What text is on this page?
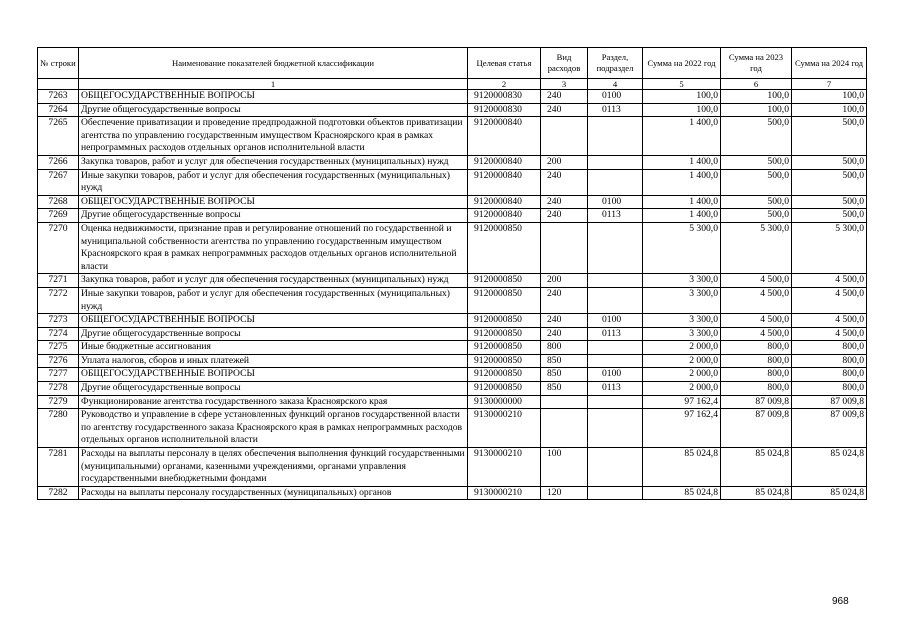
№ строки	Наименование показателей бюджетной классификации	Целевая статья	Вид расходов	Раздел, подраздел	Сумма на 2022 год	Сумма на 2023 год	Сумма на 2024 год
	1	2	3	4	5	6	7
7263	ОБЩЕГОСУДАРСТВЕННЫЕ ВОПРОСЫ	9120000830	240	0100	100,0	100,0	100,0
7264	Другие общегосударственные вопросы	9120000830	240	0113	100,0	100,0	100,0
7265	Обеспечение приватизации и проведение предпродажной подготовки объектов приватизации агентства по управлению государственным имуществом Красноярского края в рамках непрограммных расходов отдельных органов исполнительной власти	9120000840			1 400,0	500,0	500,0
7266	Закупка товаров, работ и услуг для обеспечения государственных (муниципальных) нужд	9120000840	200		1 400,0	500,0	500,0
7267	Иные закупки товаров, работ и услуг для обеспечения государственных (муниципальных) нужд	9120000840	240		1 400,0	500,0	500,0
7268	ОБЩЕГОСУДАРСТВЕННЫЕ ВОПРОСЫ	9120000840	240	0100	1 400,0	500,0	500,0
7269	Другие общегосударственные вопросы	9120000840	240	0113	1 400,0	500,0	500,0
7270	Оценка недвижимости, признание прав и регулирование отношений по государственной и муниципальной собственности агентства по управлению государственным имуществом Красноярского края в рамках непрограммных расходов отдельных органов исполнительной власти	9120000850			5 300,0	5 300,0	5 300,0
7271	Закупка товаров, работ и услуг для обеспечения государственных (муниципальных) нужд	9120000850	200		3 300,0	4 500,0	4 500,0
7272	Иные закупки товаров, работ и услуг для обеспечения государственных (муниципальных) нужд	9120000850	240		3 300,0	4 500,0	4 500,0
7273	ОБЩЕГОСУДАРСТВЕННЫЕ ВОПРОСЫ	9120000850	240	0100	3 300,0	4 500,0	4 500,0
7274	Другие общегосударственные вопросы	9120000850	240	0113	3 300,0	4 500,0	4 500,0
7275	Иные бюджетные ассигнования	9120000850	800		2 000,0	800,0	800,0
7276	Уплата налогов, сборов и иных платежей	9120000850	850		2 000,0	800,0	800,0
7277	ОБЩЕГОСУДАРСТВЕННЫЕ ВОПРОСЫ	9120000850	850	0100	2 000,0	800,0	800,0
7278	Другие общегосударственные вопросы	9120000850	850	0113	2 000,0	800,0	800,0
7279	Функционирование агентства государственного заказа Красноярского края	9130000000			97 162,4	87 009,8	87 009,8
7280	Руководство и управление в сфере установленных функций органов государственной власти по агентству государственного заказа Красноярского края в рамках непрограммных расходов отдельных органов исполнительной власти	9130000210			97 162,4	87 009,8	87 009,8
7281	Расходы на выплаты персоналу в целях обеспечения выполнения функций государственными (муниципальными) органами, казенными учреждениями, органами управления государственными внебюджетными фондами	9130000210	100		85 024,8	85 024,8	85 024,8
7282	Расходы на выплаты персоналу государственных (муниципальных) органов	9130000210	120		85 024,8	85 024,8	85 024,8
968
